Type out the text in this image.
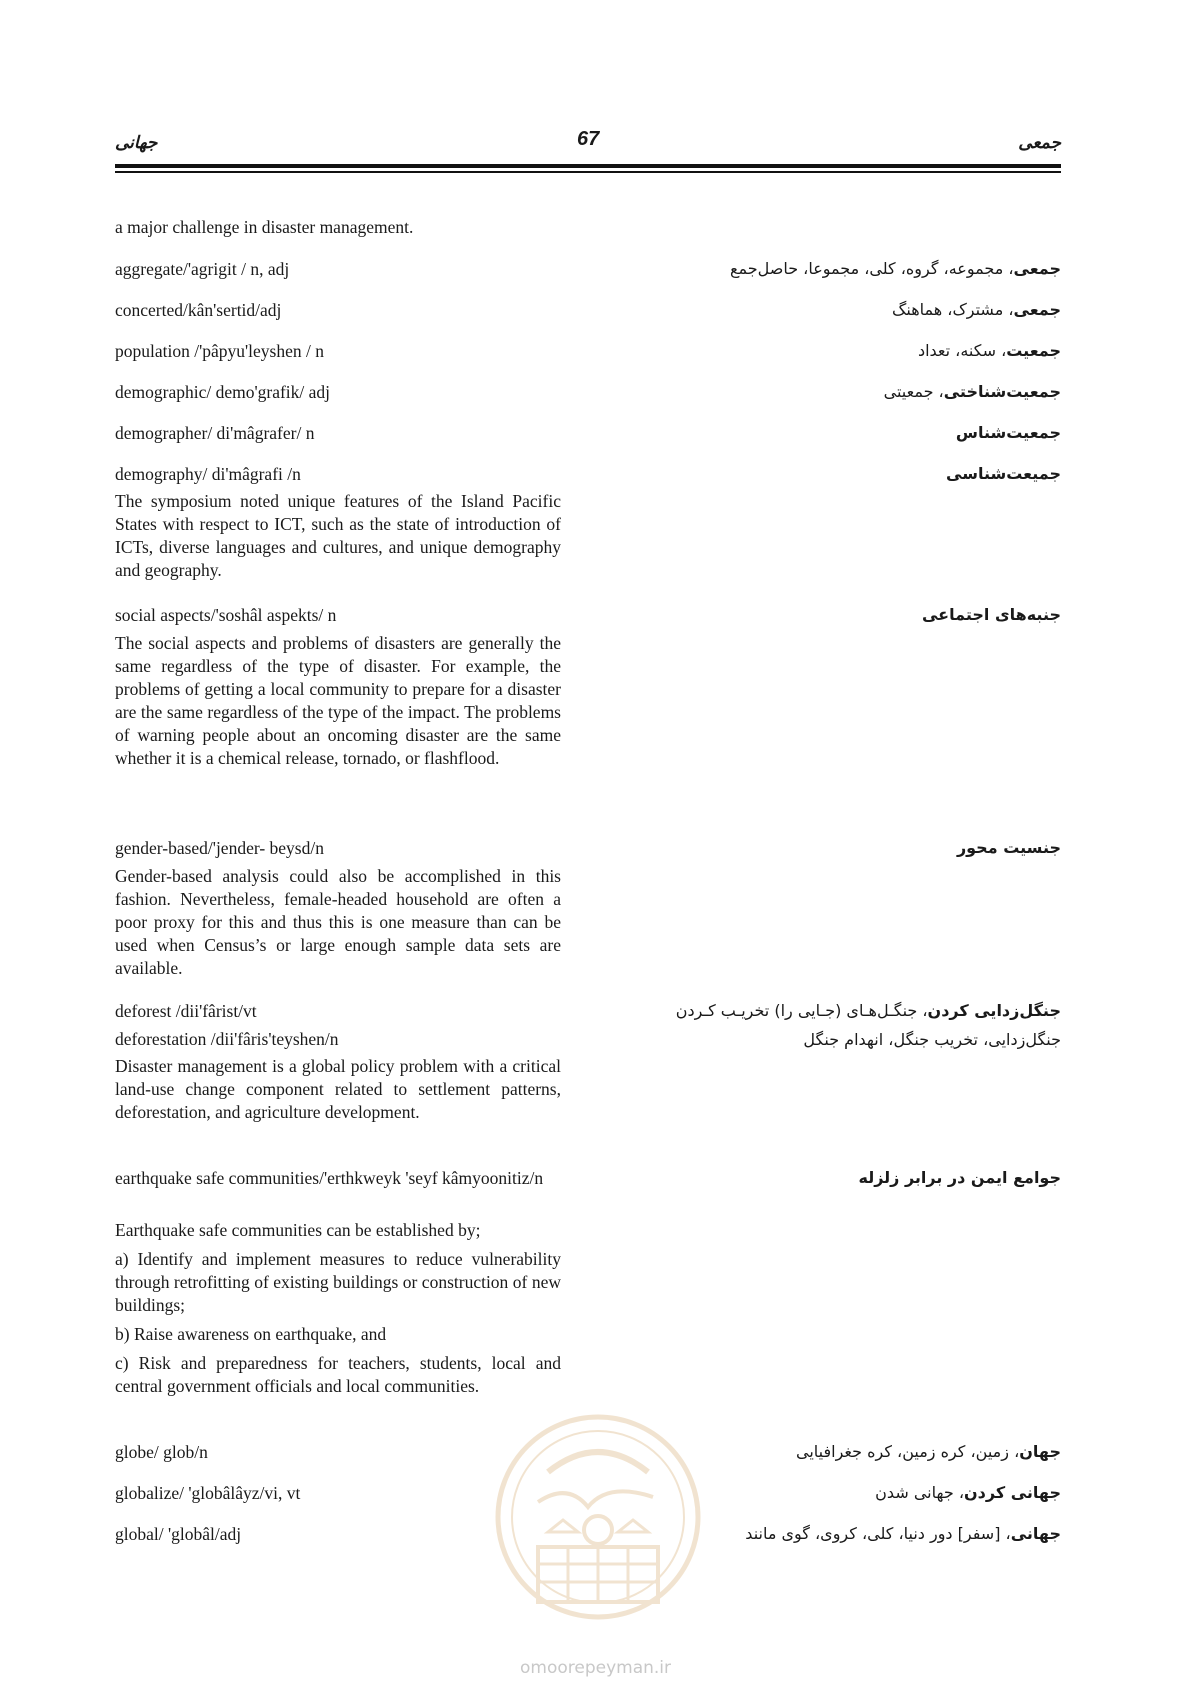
جهانی	67	جمعی
a major challenge in disaster management.
aggregate/'agrigit / n, adj	جمعی، مجموعه، گروه، کلی، مجموعا، حاصل‌جمع
concerted/kân'sertid/adj	جمعی، مشترک، هماهنگ
population /'pâpyu'leyshen / n	جمعیت، سکنه، تعداد
demographic/ demo'grafik/ adj	جمعیت‌شناختی، جمعیتی
demographer/ di'mâgrafer/ n	جمعیت‌شناس
demography/ di'mâgrafi /n	جمیعت‌شناسی
The symposium noted unique features of the Island Pacific States with respect to ICT, such as the state of introduction of ICTs, diverse languages and cultures, and unique demography and geography.
social aspects/'soshâl aspekts/ n	جنبه‌های اجتماعی
The social aspects and problems of disasters are generally the same regardless of the type of disaster. For example, the problems of getting a local community to prepare for a disaster are the same regardless of the type of the impact. The problems of warning people about an oncoming disaster are the same whether it is a chemical release, tornado, or flashflood.
gender-based/'jender- beysd/n	جنسیت محور
Gender-based analysis could also be accomplished in this fashion. Nevertheless, female-headed household are often a poor proxy for this and thus this is one measure than can be used when Census’s or large enough sample data sets are available.
deforest /dii'fârist/vt	جنگل‌زدایی کردن، جنگـل‌هـای (جـایی را) تخریـب کـردن
deforestation /dii'fâris'teyshen/n	جنگل‌زدایی، تخریب جنگل، انهدام جنگل
Disaster management is a global policy problem with a critical land-use change component related to settlement patterns, deforestation, and agriculture development.
earthquake safe communities/'erthkweyk 'seyf kâmyoonitiz/n	جوامع ایمن در برابر زلزله
Earthquake safe communities can be established by;
a) Identify and implement measures to reduce vulnerability through retrofitting of existing buildings or construction of new buildings;
b) Raise awareness on earthquake, and
c) Risk and preparedness for teachers, students, local and central government officials and local communities.
globe/ glob/n	جهان، زمین، کره زمین، کره جغرافیایی
globalize/ 'globâlâyz/vi, vt	جهانی کردن، جهانی شدن
global/ 'globâl/adj	جهانی، [سفر] دور دنیا، کلی، کروی، گوی مانند
omoorepeyman.ir
